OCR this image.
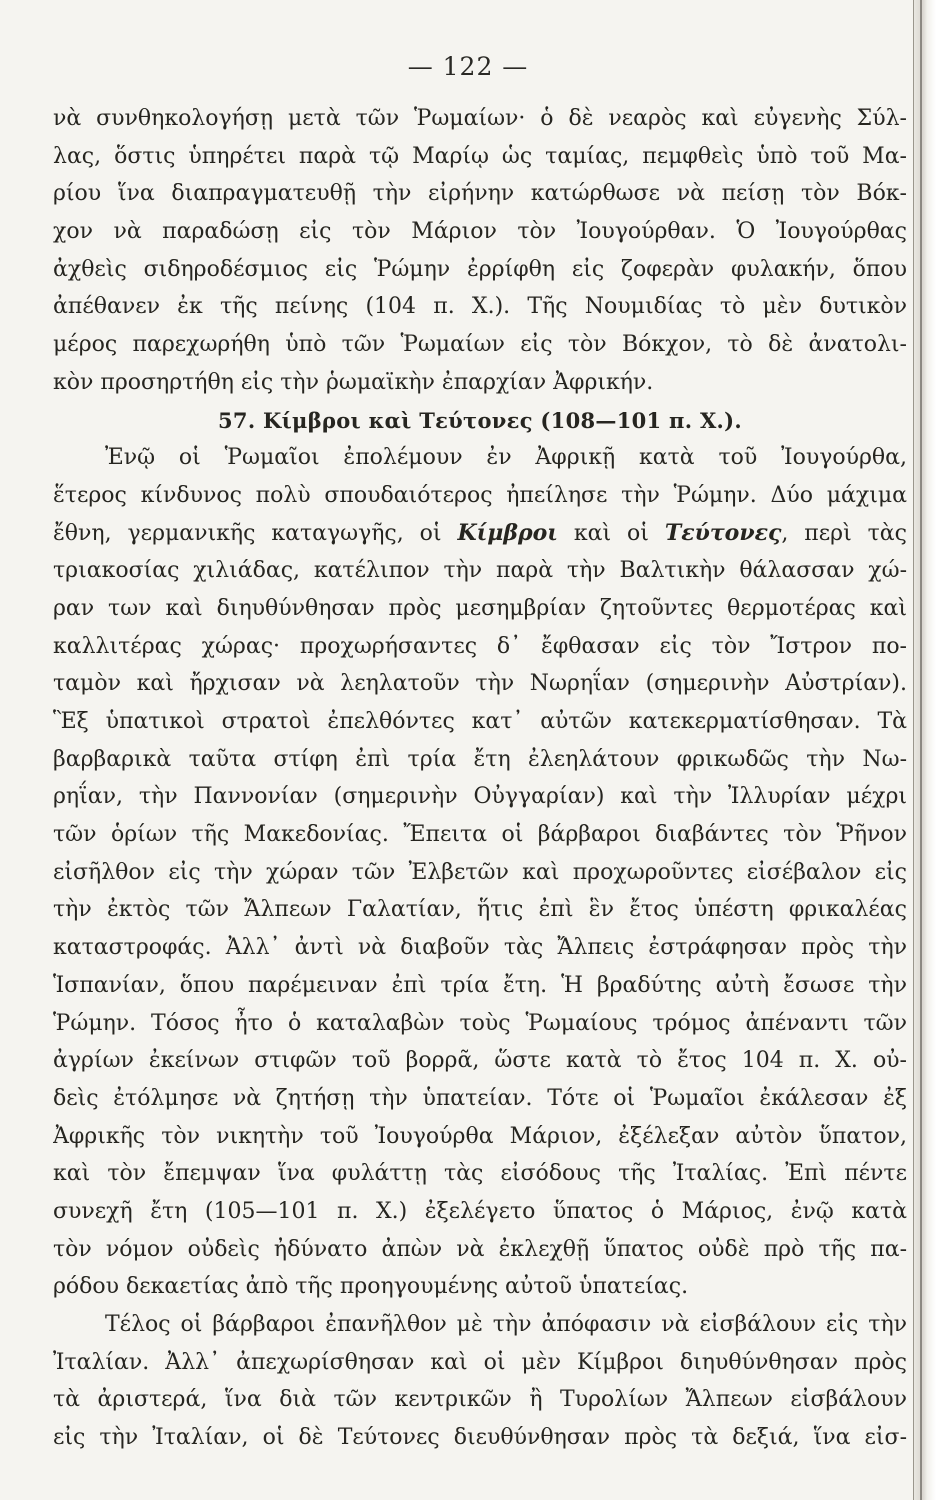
— 122 —
νὰ συνθηκολογήσῃ μετὰ τῶν Ῥωμαίων· ὁ δὲ νεαρὸς καὶ εὐγενὴς Σύλ-
λας, ὅστις ὑπηρέτει παρὰ τῷ Μαρίῳ ὡς ταμίας, πεμφθεὶς ὑπὸ τοῦ Μα-
ρίου ἵνα διαπραγματευθῇ τὴν εἰρήνην κατώρθωσε νὰ πείσῃ τὸν Βόκ-
χον νὰ παραδώσῃ εἰς τὸν Μάριον τὸν Ἰουγούρθαν. Ὁ Ἰουγούρθας
ἀχθεὶς σιδηροδέσμιος εἰς Ῥώμην ἐρρίφθη εἰς ζοφερὰν φυλακήν, ὅπου
ἀπέθανεν ἐκ τῆς πείνης (104 π. Χ.). Τῆς Νουμιδίας τὸ μὲν δυτικὸν
μέρος παρεχωρήθη ὑπὸ τῶν Ῥωμαίων εἰς τὸν Βόκχον, τὸ δὲ ἀνατολι-
κὸν προσηρτήθη εἰς τὴν ῥωμαϊκὴν ἐπαρχίαν Ἀφρικήν.
57. Κίμβροι καὶ Τεύτονες (108—101 π. Χ.).
Ἐνῷ οἱ Ῥωμαῖοι ἐπολέμουν ἐν Ἀφρικῇ κατὰ τοῦ Ἰουγούρθα,
ἕτερος κίνδυνος πολὺ σπουδαιότερος ἠπείλησε τὴν Ῥώμην. Δύο μάχιμα
ἔθνη, γερμανικῆς καταγωγῆς, οἱ Κίμβροι καὶ οἱ Τεύτονες, περὶ τὰς
τριακοσίας χιλιάδας, κατέλιπον τὴν παρὰ τὴν Βαλτικὴν θάλασσαν χώ-
ραν των καὶ διηυθύνθησαν πρὸς μεσημβρίαν ζητοῦντες θερμοτέρας καὶ
καλλιτέρας χώρας· προχωρήσαντες δ᾽ ἔφθασαν εἰς τὸν Ἴστρον πο-
ταμὸν καὶ ἤρχισαν νὰ λεηλατοῦν τὴν Νωρηΐαν (σημερινὴν Αὐστρίαν).
Ἓξ ὑπατικοὶ στρατοὶ ἐπελθόντες κατ᾽ αὐτῶν κατεκερματίσθησαν. Τὰ
βαρβαρικὰ ταῦτα στίφη ἐπὶ τρία ἔτη ἐλεηλάτουν φρικωδῶς τὴν Νω-
ρηΐαν, τὴν Παννονίαν (σημερινὴν Οὐγγαρίαν) καὶ τὴν Ἰλλυρίαν μέχρι
τῶν ὁρίων τῆς Μακεδονίας. Ἔπειτα οἱ βάρβαροι διαβάντες τὸν Ῥῆνον
εἰσῆλθον εἰς τὴν χώραν τῶν Ἐλβετῶν καὶ προχωροῦντες εἰσέβαλον εἰς
τὴν ἐκτὸς τῶν Ἄλπεων Γαλατίαν, ἥτις ἐπὶ ἓν ἔτος ὑπέστη φρικαλέας
καταστροφάς. Ἀλλ᾽ ἀντὶ νὰ διαβοῦν τὰς Ἄλπεις ἐστράφησαν πρὸς τὴν
Ἱσπανίαν, ὅπου παρέμειναν ἐπὶ τρία ἔτη. Ἡ βραδύτης αὐτὴ ἔσωσε τὴν
Ῥώμην. Τόσος ἦτο ὁ καταλαβὼν τοὺς Ῥωμαίους τρόμος ἀπέναντι τῶν
ἀγρίων ἐκείνων στιφῶν τοῦ βορρᾶ, ὥστε κατὰ τὸ ἔτος 104 π. Χ. οὐ-
δεὶς ἐτόλμησε νὰ ζητήσῃ τὴν ὑπατείαν. Τότε οἱ Ῥωμαῖοι ἐκάλεσαν ἐξ
Ἀφρικῆς τὸν νικητὴν τοῦ Ἰουγούρθα Μάριον, ἐξέλεξαν αὐτὸν ὕπατον,
καὶ τὸν ἔπεμψαν ἵνα φυλάττῃ τὰς εἰσόδους τῆς Ἰταλίας. Ἐπὶ πέντε
συνεχῆ ἔτη (105—101 π. Χ.) ἐξελέγετο ὕπατος ὁ Μάριος, ἐνῷ κατὰ
τὸν νόμον οὐδεὶς ἠδύνατο ἀπὼν νὰ ἐκλεχθῇ ὕπατος οὐδὲ πρὸ τῆς πα-
ρόδου δεκαετίας ἀπὸ τῆς προηγουμένης αὐτοῦ ὑπατείας.
Τέλος οἱ βάρβαροι ἐπανῆλθον μὲ τὴν ἀπόφασιν νὰ εἰσβάλουν εἰς τὴν
Ἰταλίαν. Ἀλλ᾽ ἀπεχωρίσθησαν καὶ οἱ μὲν Κίμβροι διηυθύνθησαν πρὸς
τὰ ἀριστερά, ἵνα διὰ τῶν κεντρικῶν ἢ Τυρολίων Ἄλπεων εἰσβάλουν
εἰς τὴν Ἰταλίαν, οἱ δὲ Τεύτονες διευθύνθησαν πρὸς τὰ δεξιά, ἵνα εἰσ-
